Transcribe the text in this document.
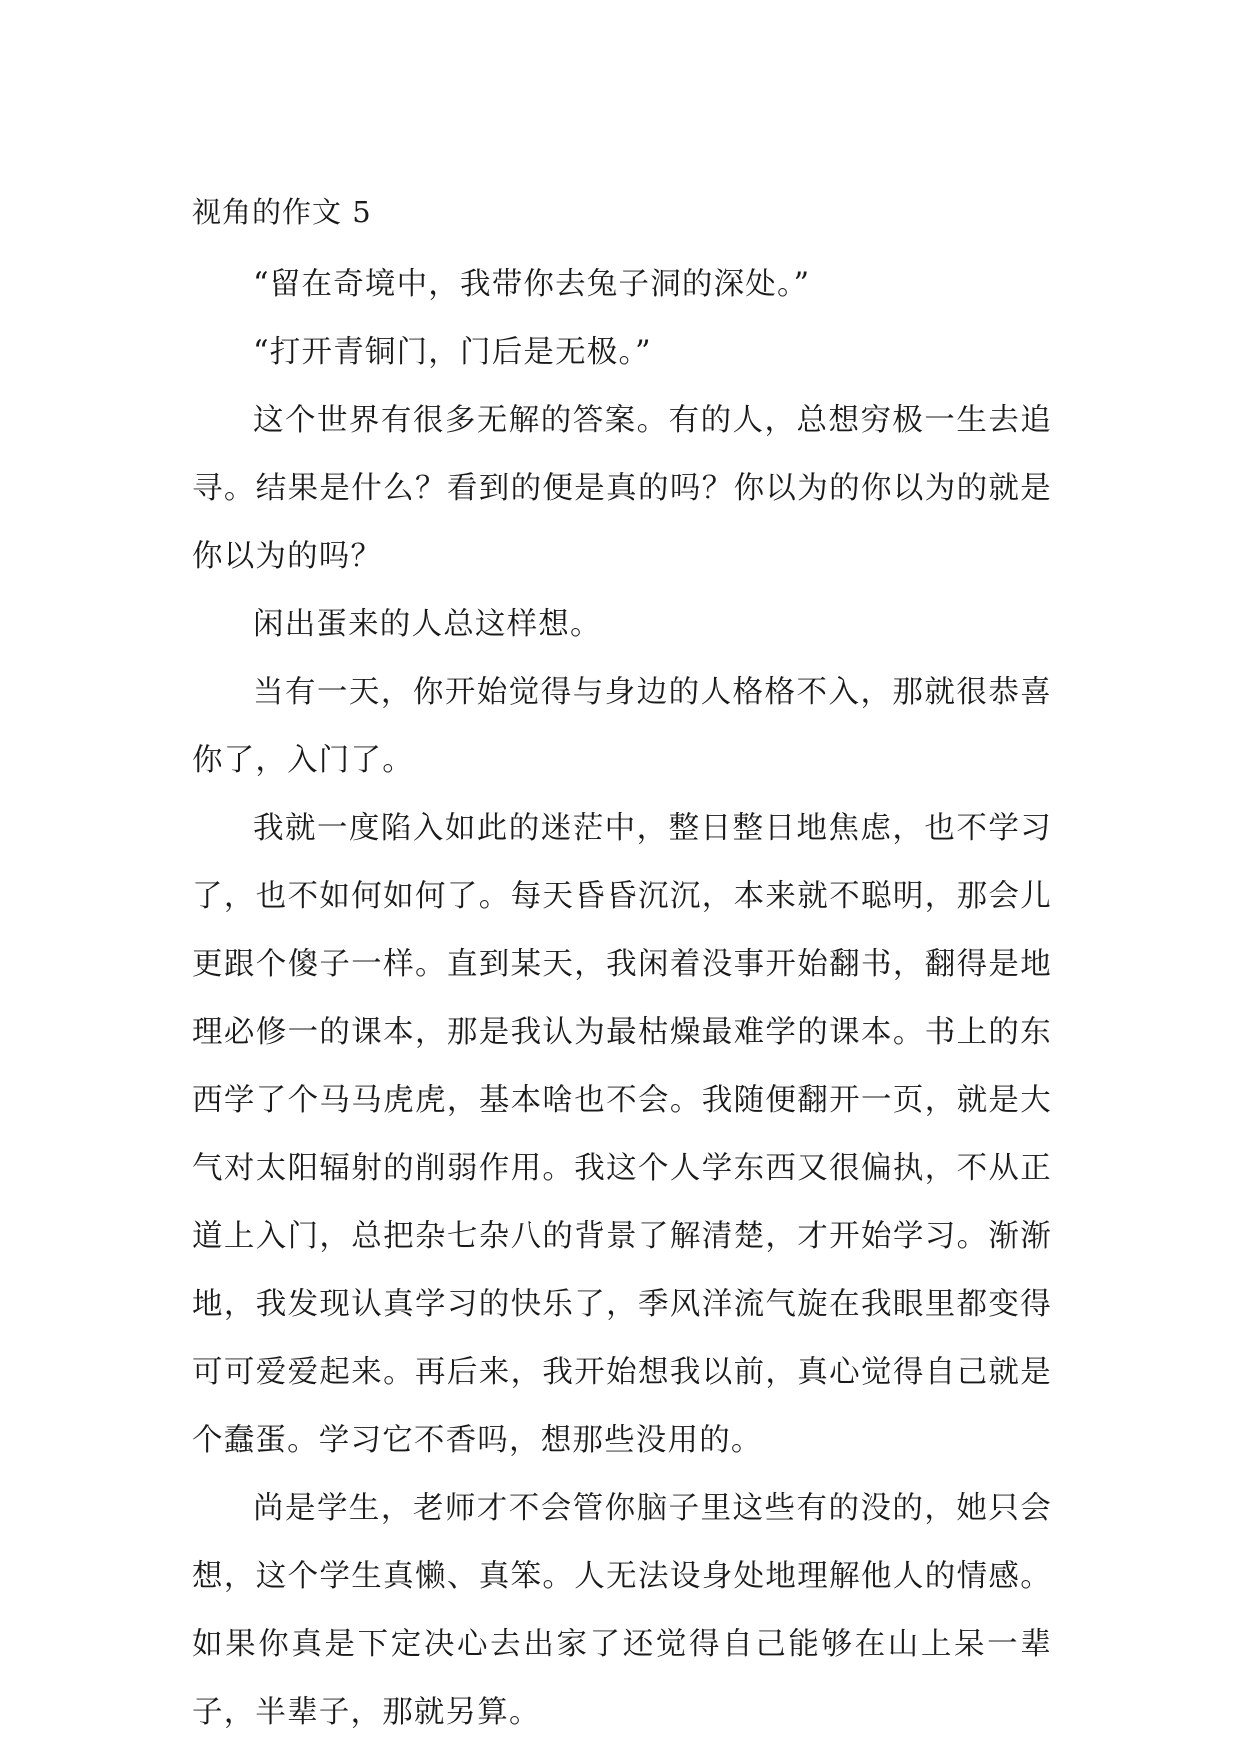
视角的作文 5

“留在奇境中，我带你去兔子洞的深处。”

“打开青铜门，门后是无极。”

这个世界有很多无解的答案。有的人，总想穷极一生去追寻。结果是什么？看到的便是真的吗？你以为的你以为的就是你以为的吗？

闲出蛋来的人总这样想。

当有一天，你开始觉得与身边的人格格不入，那就很恭喜你了，入门了。

我就一度陷入如此的迷茫中，整日整日地焦虑，也不学习了，也不如何如何了。每天昏昏沉沉，本来就不聪明，那会儿更跟个傻子一样。直到某天，我闲着没事开始翻书，翻得是地理必修一的课本，那是我认为最枯燥最难学的课本。书上的东西学了个马马虎虎，基本啥也不会。我随便翻开一页，就是大气对太阳辐射的削弱作用。我这个人学东西又很偏执，不从正道上入门，总把杂七杂八的背景了解清楚，才开始学习。渐渐地，我发现认真学习的快乐了，季风洋流气旋在我眼里都变得可可爱爱起来。再后来，我开始想我以前，真心觉得自己就是个蠢蛋。学习它不香吗，想那些没用的。

尚是学生，老师才不会管你脑子里这些有的没的，她只会想，这个学生真懒、真笨。人无法设身处地理解他人的情感。如果你真是下定决心去出家了还觉得自己能够在山上呆一辈子，半辈子，那就另算。
